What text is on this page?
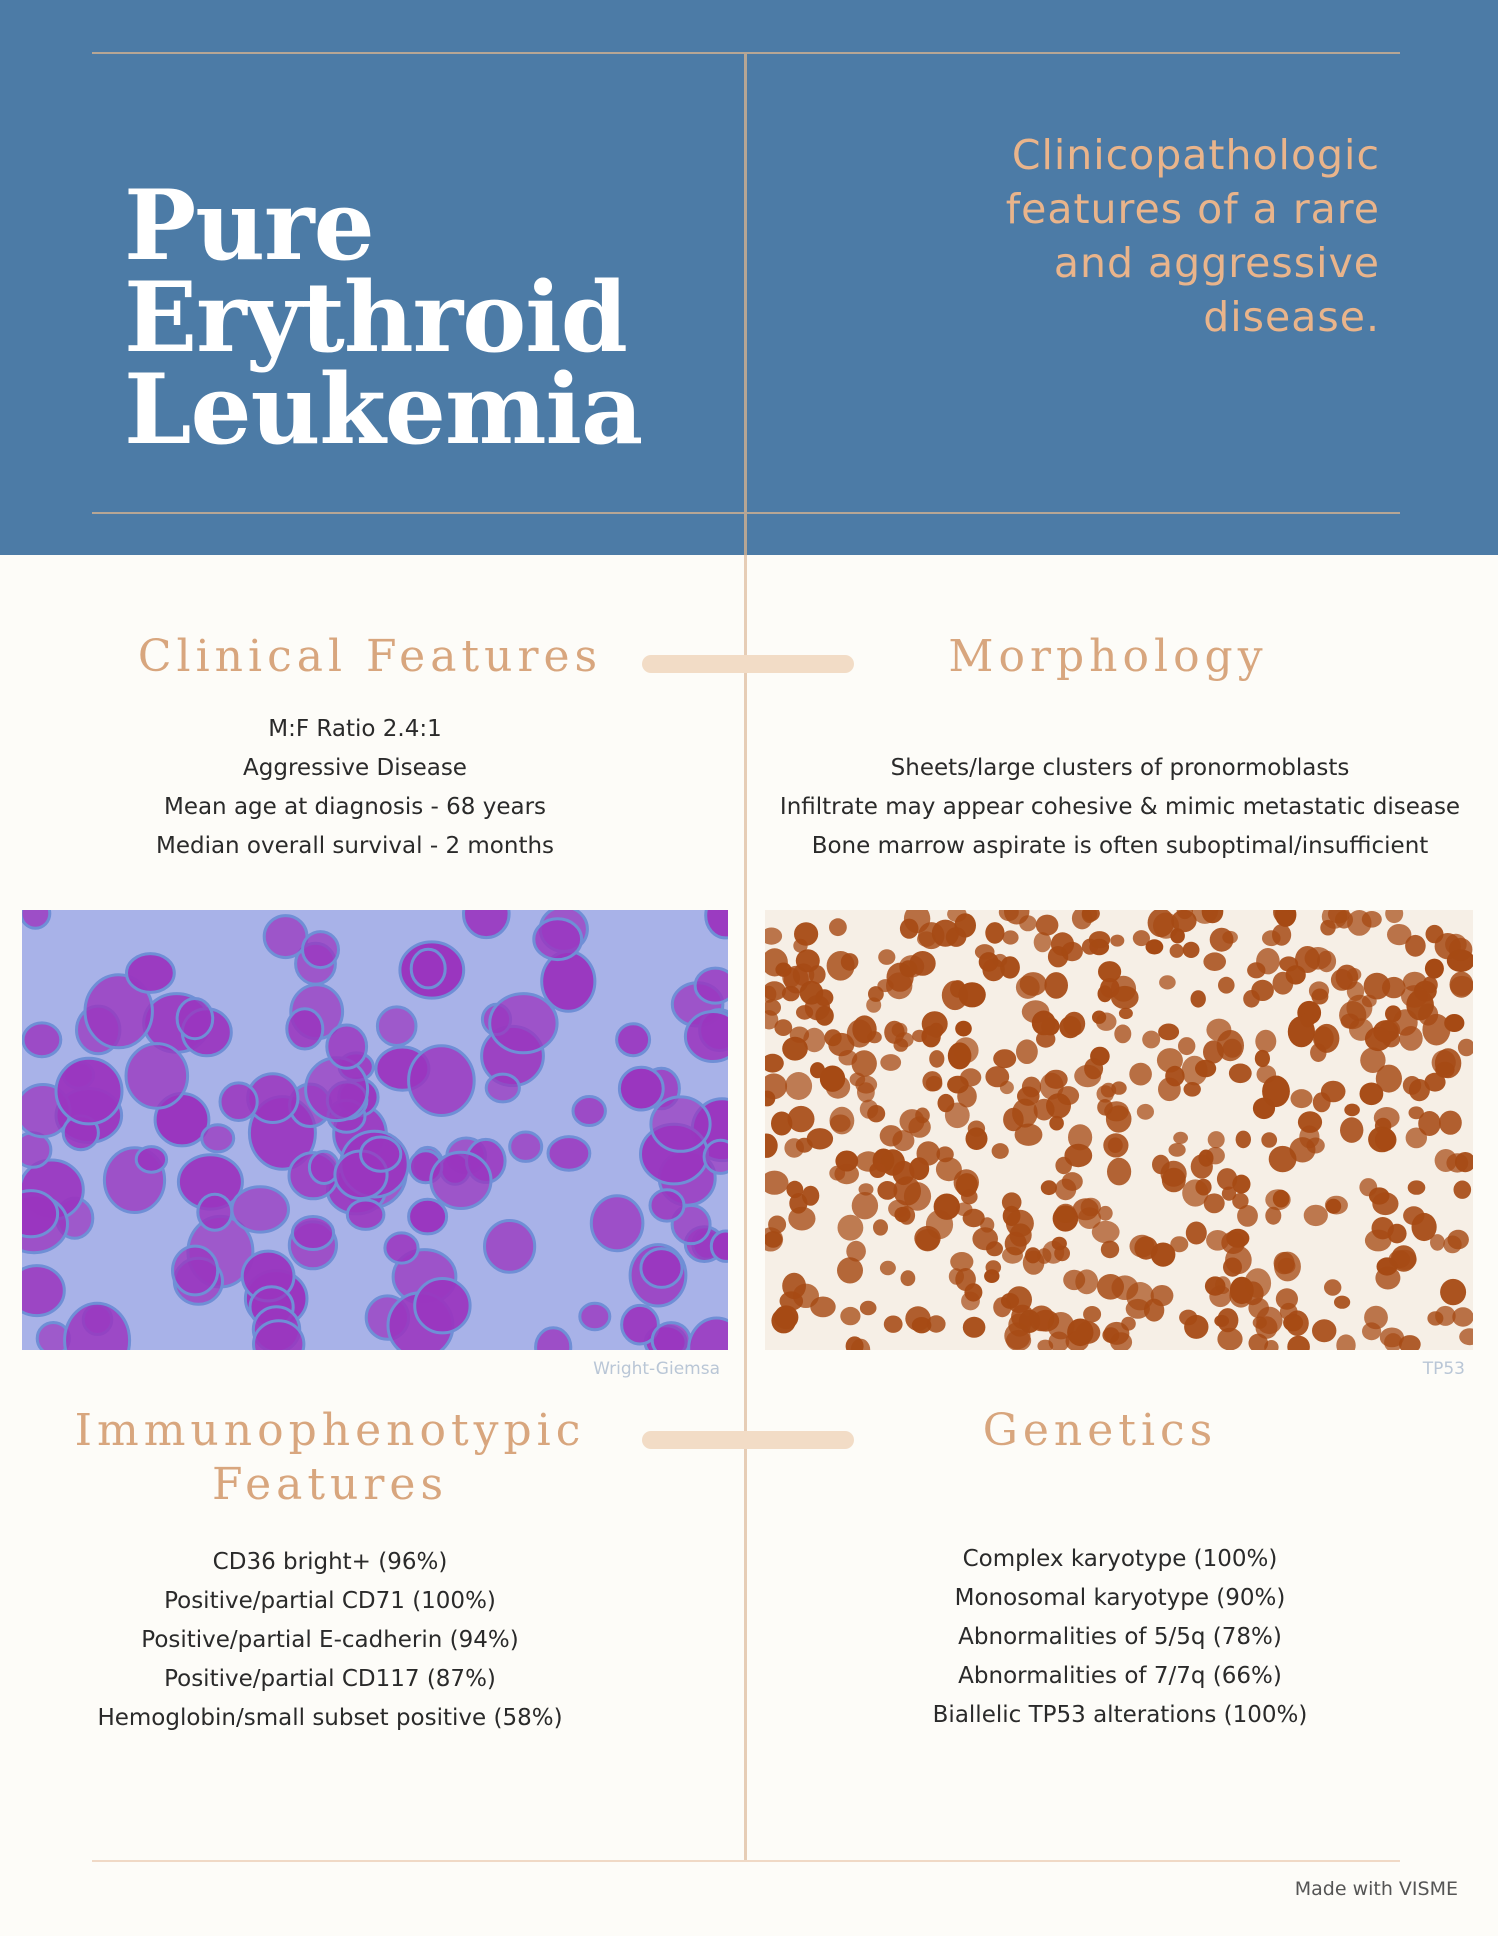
Pure
Erythroid
Leukemia

Clinicopathologic
features of a rare
and aggressive
disease.

Clinical Features
M:F Ratio 2.4:1
Aggressive Disease
Mean age at diagnosis - 68 years
Median overall survival - 2 months
Morphology
Sheets/large clusters of pronormoblasts
Infiltrate may appear cohesive & mimic metastatic disease
Bone marrow aspirate is often suboptimal/insufficient
Wright-Giemsa	TP53
Immunophenotypic
Features
CD36 bright+ (96%)
Positive/partial CD71 (100%)
Positive/partial E-cadherin (94%)
Positive/partial CD117 (87%)
Hemoglobin/small subset positive (58%)
Genetics
Complex karyotype (100%)
Monosomal karyotype (90%)
Abnormalities of 5/5q (78%)
Abnormalities of 7/7q (66%)
Biallelic TP53 alterations (100%)
Made with VISME
